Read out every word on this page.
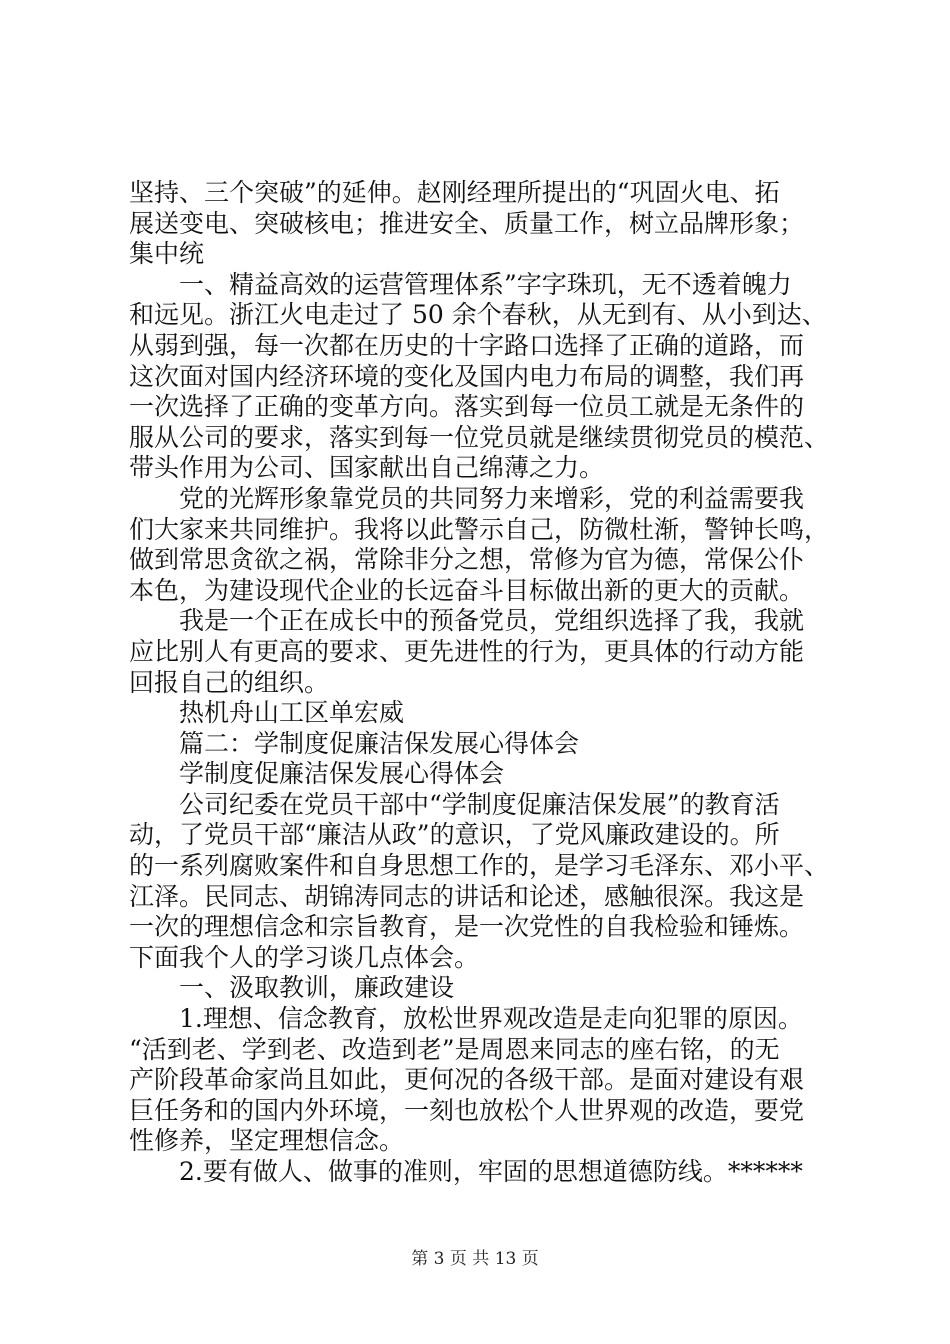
坚持、三个突破”的延伸。赵刚经理所提出的“巩固火电、拓
展送变电、突破核电；推进安全、质量工作，树立品牌形象；
集中统
一、精益高效的运营管理体系”字字珠玑，无不透着魄力
和远见。浙江火电走过了 50 余个春秋，从无到有、从小到达、
从弱到强，每一次都在历史的十字路口选择了正确的道路，而
这次面对国内经济环境的变化及国内电力布局的调整，我们再
一次选择了正确的变革方向。落实到每一位员工就是无条件的
服从公司的要求，落实到每一位党员就是继续贯彻党员的模范、
带头作用为公司、国家献出自己绵薄之力。
党的光辉形象靠党员的共同努力来增彩，党的利益需要我
们大家来共同维护。我将以此警示自己，防微杜渐，警钟长鸣，
做到常思贪欲之祸，常除非分之想，常修为官为德，常保公仆
本色，为建设现代企业的长远奋斗目标做出新的更大的贡献。
我是一个正在成长中的预备党员，党组织选择了我，我就
应比别人有更高的要求、更先进性的行为，更具体的行动方能
回报自己的组织。
热机舟山工区单宏威
篇二：学制度促廉洁保发展心得体会
学制度促廉洁保发展心得体会
公司纪委在党员干部中“学制度促廉洁保发展”的教育活
动，了党员干部“廉洁从政”的意识，了党风廉政建设的。所
的一系列腐败案件和自身思想工作的，是学习毛泽东、邓小平、
江泽。民同志、胡锦涛同志的讲话和论述，感触很深。我这是
一次的理想信念和宗旨教育，是一次党性的自我检验和锤炼。
下面我个人的学习谈几点体会。
一、汲取教训，廉政建设
1.理想、信念教育，放松世界观改造是走向犯罪的原因。
“活到老、学到老、改造到老”是周恩来同志的座右铭，的无
产阶段革命家尚且如此，更何况的各级干部。是面对建设有艰
巨任务和的国内外环境，一刻也放松个人世界观的改造，要党
性修养，坚定理想信念。
2.要有做人、做事的准则，牢固的思想道德防线。******
第 3 页 共 13 页
